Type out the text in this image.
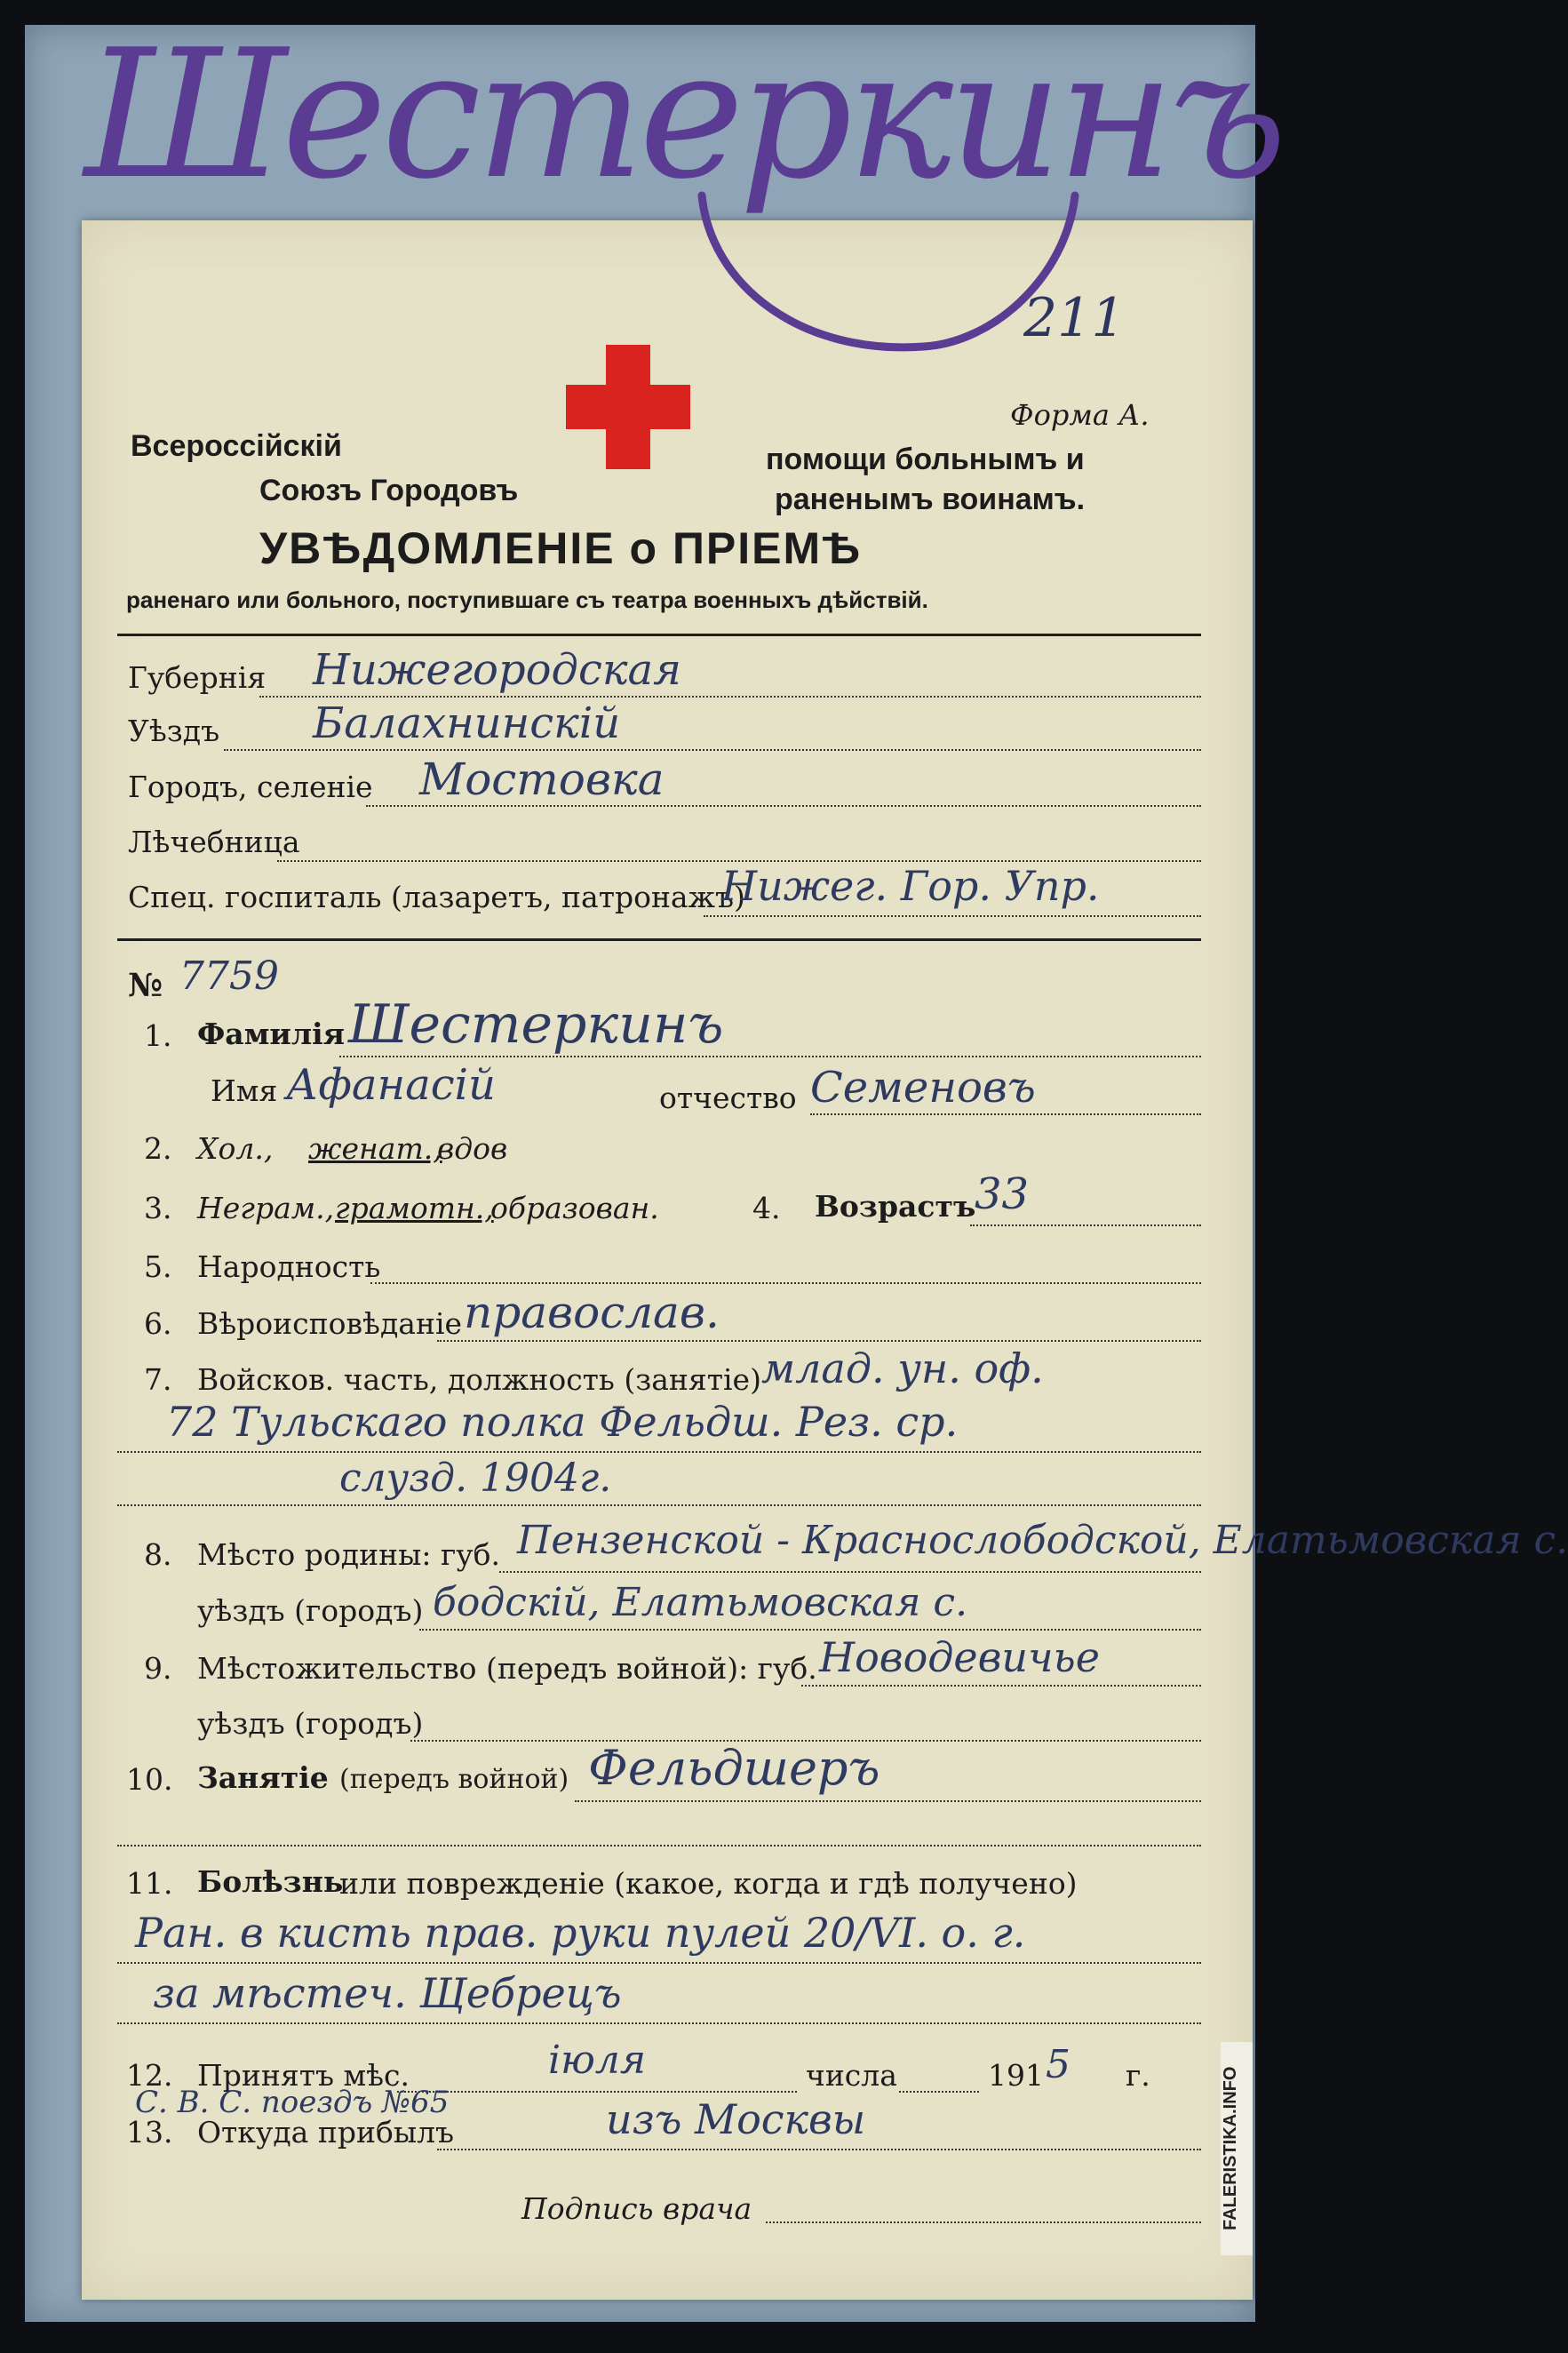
Шестеркинъ
211
Форма А.
Всероссiйскiй
Союзъ Городовъ
помощи больнымъ и
раненымъ воинамъ.
УВѢДОМЛЕНIЕ о ПРIЕМѢ
раненаго или больного, поступившаге съ театра военныхъ дѣйствiй.
Губернiя Нижегородская
Уѣздъ Балахнинскiй
Городъ, селенiе Мостовка
Лѣчебница
Спец. госпиталь (лазаретъ, патронажъ)
Нижег. Гор. Упр.
№ 7759
1. Фамилiя Шестеркинъ
Имя Афанасiй	отчество Семеновъ
2. Хол., женат.,
вдов
3. Неграм., грамотн.,
образован.	4. Возрастъ
33
5. Народность
6. Вѣроисповѣданiе православ.
7. Войсков. часть, должность (занятiе) млад. ун. оф.
72 Тульскаго полка Фельдш. Рез. ср.
слузд. 1904г.
8. Мѣсто родины: губ. Пензенской - Краснослободской, Елатьмовская с.
уѣздъ (городъ) бодскiй, Елатьмовская с.
9. Мѣстожительство (передъ войной): губ. Новодевичье
уѣздъ (городъ)
10. Занятiе (передъ войной) Фельдшеръ
11. Болѣзнь
или поврежденiе (какое, когда и гдѣ получено)
Ран. в кисть прав. руки пулей 20/VI. о. г.
за мѣстеч. Щебрецъ
12. Принятъ мѣс.	iюля	числа	191 5 г.
С. В. С. поездъ №65
13. Откуда прибылъ	изъ Москвы
Подпись врача	FALERISTIKA.INFO
